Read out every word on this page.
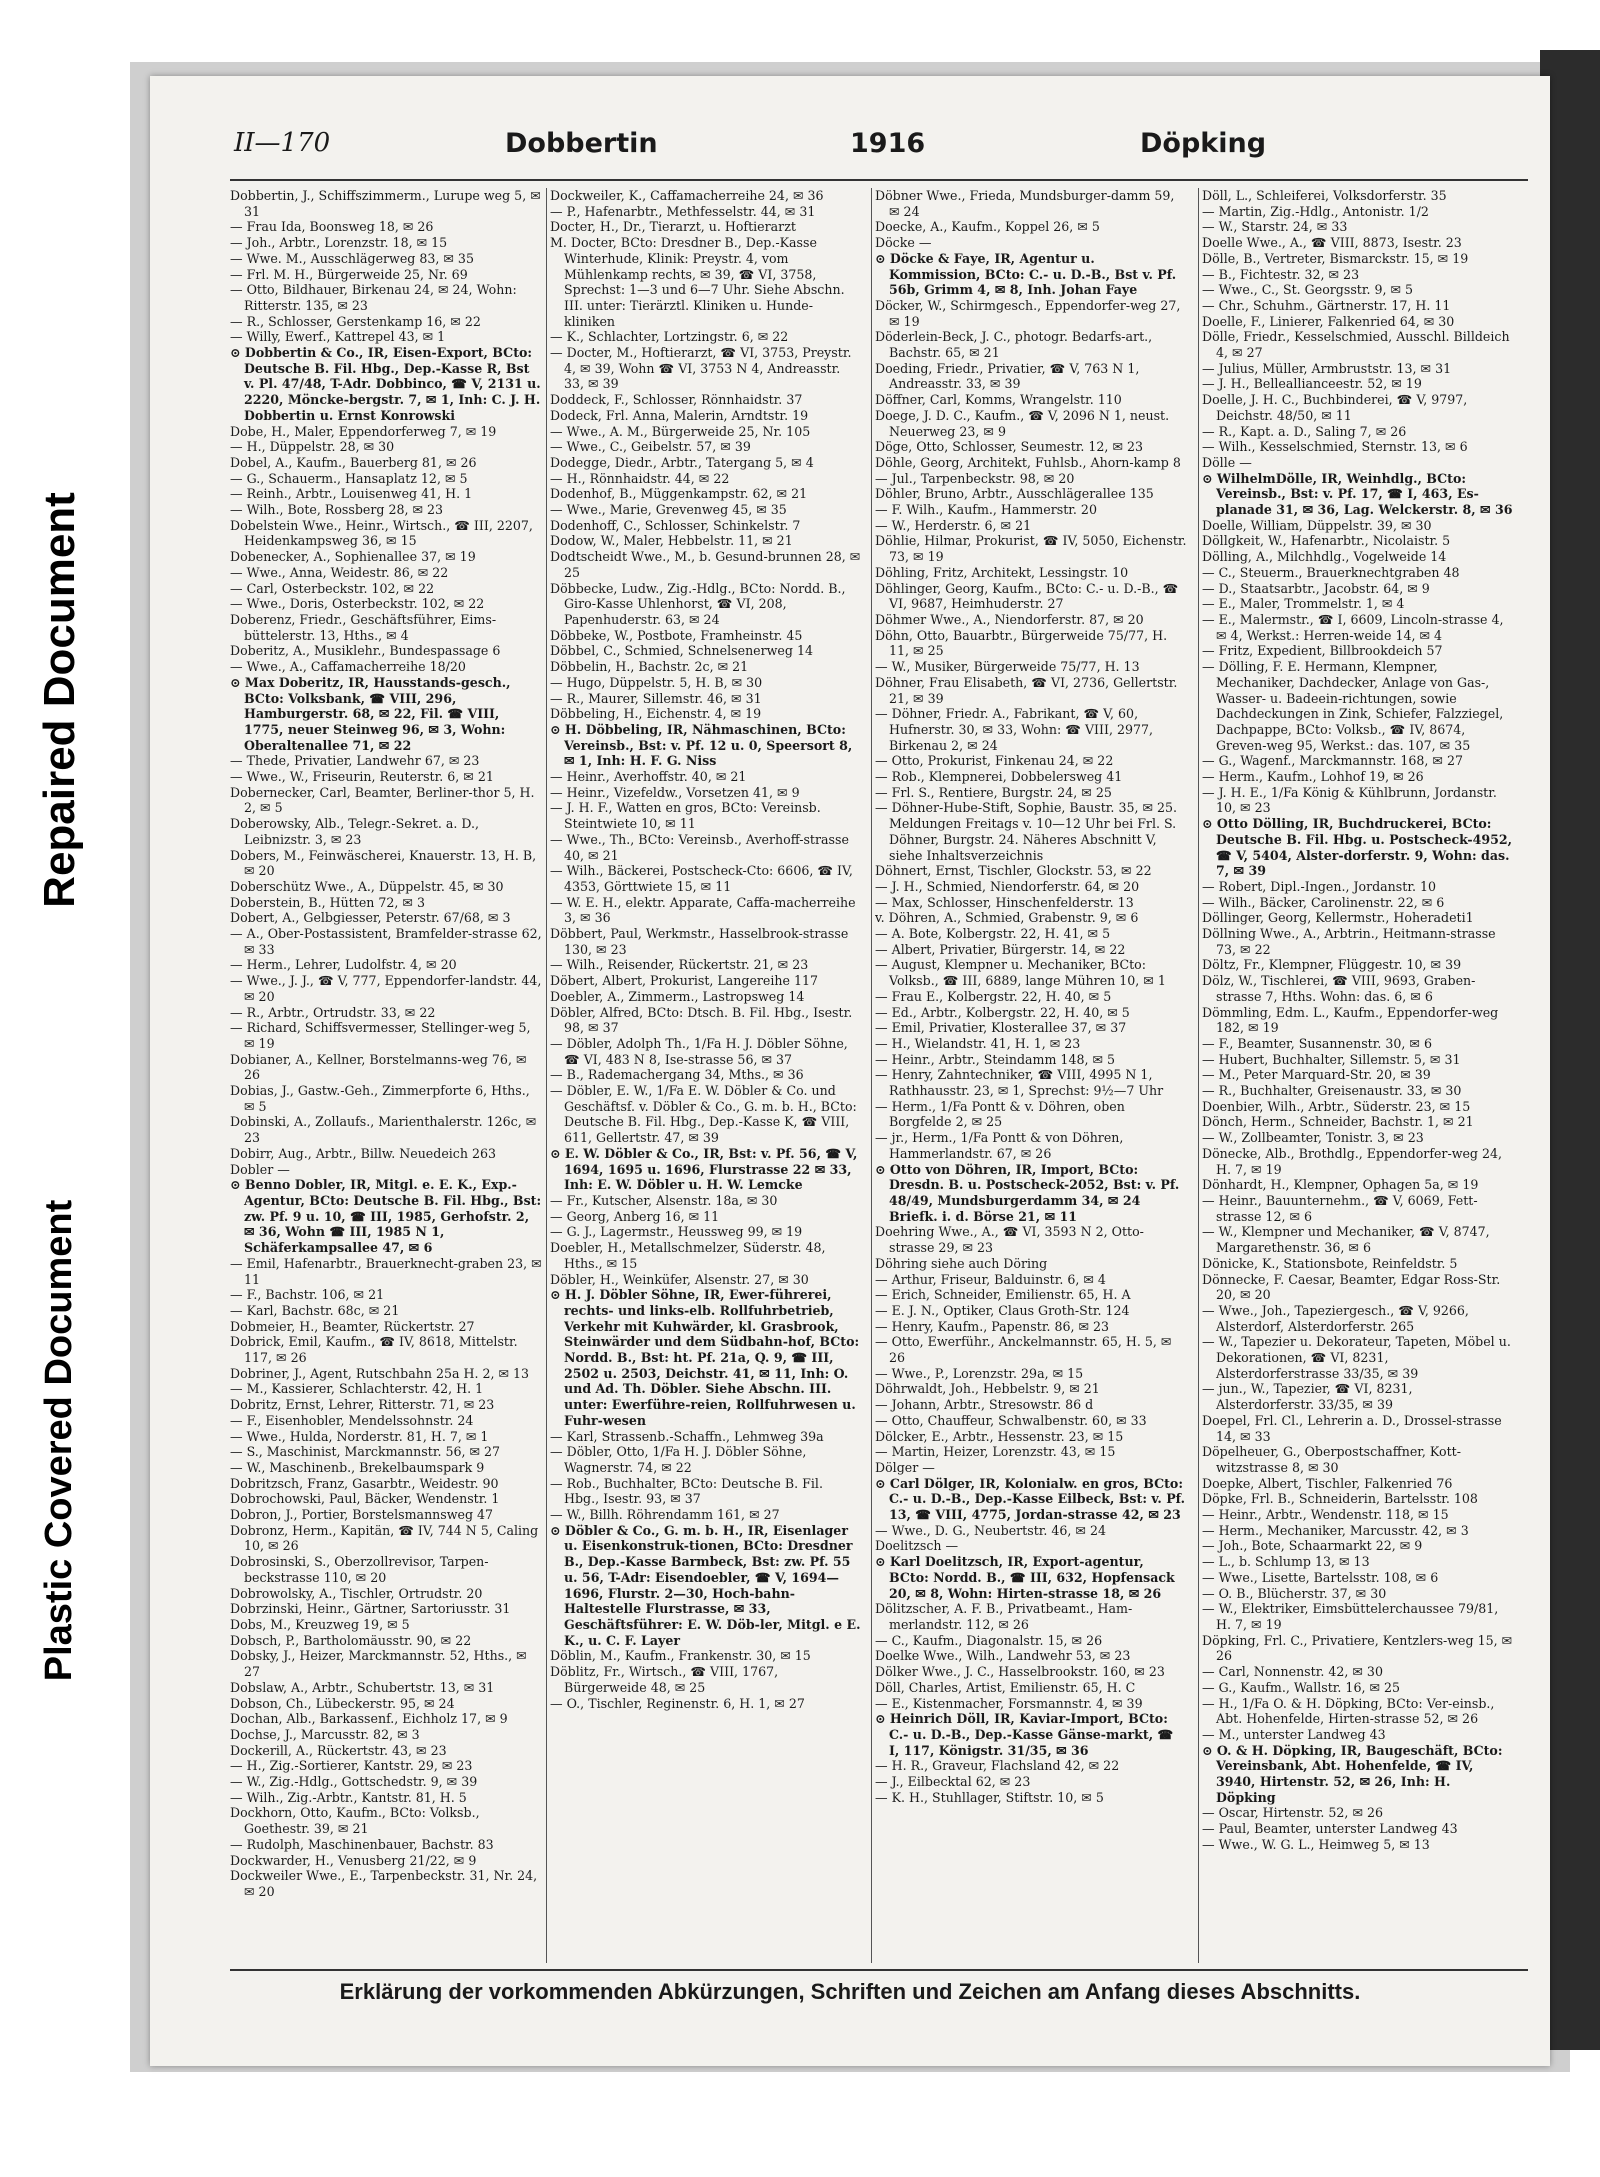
Repaired Document
Plastic Covered Document
II—170	Dobbertin	1916	Döpking

Dobbertin, J., Schiffszimmerm., Lurupe weg 5, ✉ 31

— Frau Ida, Boonsweg 18, ✉ 26

— Joh., Arbtr., Lorenzstr. 18, ✉ 15

— Wwe. M., Ausschlägerweg 83, ✉ 35

— Frl. M. H., Bürgerweide 25, Nr. 69

— Otto, Bildhauer, Birkenau 24, ✉ 24, Wohn: Ritterstr. 135, ✉ 23

— R., Schlosser, Gerstenkamp 16, ✉ 22

— Willy, Ewerf., Kattrepel 43, ✉ 1

⊙ Dobbertin & Co., IR, Eisen-Export, BCto: Deutsche B. Fil. Hbg., Dep.-Kasse R, Bst v. Pl. 47/48, T-Adr. Dobbinco, ☎ V, 2131 u. 2220, Möncke-bergstr. 7, ✉ 1, Inh: C. J. H. Dobbertin u. Ernst Konrowski

Dobe, H., Maler, Eppendorferweg 7, ✉ 19

— H., Düppelstr. 28, ✉ 30

Dobel, A., Kaufm., Bauerberg 81, ✉ 26

— G., Schauerm., Hansaplatz 12, ✉ 5

— Reinh., Arbtr., Louisenweg 41, H. 1

— Wilh., Bote, Rossberg 28, ✉ 23

Dobelstein Wwe., Heinr., Wirtsch., ☎ III, 2207, Heidenkampsweg 36, ✉ 15

Dobenecker, A., Sophienallee 37, ✉ 19

— Wwe., Anna, Weidestr. 86, ✉ 22

— Carl, Osterbeckstr. 102, ✉ 22

— Wwe., Doris, Osterbeckstr. 102, ✉ 22

Doberenz, Friedr., Geschäftsführer, Eims-büttelerstr. 13, Hths., ✉ 4

Doberitz, A., Musiklehr., Bundespassage 6

— Wwe., A., Caffamacherreihe 18/20

⊙ Max Doberitz, IR, Hausstands-gesch., BCto: Volksbank, ☎ VIII, 296, Hamburgerstr. 68, ✉ 22, Fil. ☎ VIII, 1775, neuer Steinweg 96, ✉ 3, Wohn: Oberaltenallee 71, ✉ 22

— Thede, Privatier, Landwehr 67, ✉ 23

— Wwe., W., Friseurin, Reuterstr. 6, ✉ 21

Dobernecker, Carl, Beamter, Berliner-thor 5, H. 2, ✉ 5

Doberowsky, Alb., Telegr.-Sekret. a. D., Leibnizstr. 3, ✉ 23

Dobers, M., Feinwäscherei, Knauerstr. 13, H. B, ✉ 20

Doberschütz Wwe., A., Düppelstr. 45, ✉ 30

Doberstein, B., Hütten 72, ✉ 3

Dobert, A., Gelbgiesser, Peterstr. 67/68, ✉ 3

— A., Ober-Postassistent, Bramfelder-strasse 62, ✉ 33

— Herm., Lehrer, Ludolfstr. 4, ✉ 20

— Wwe., J. J., ☎ V, 777, Eppendorfer-landstr. 44, ✉ 20

— R., Arbtr., Ortrudstr. 33, ✉ 22

— Richard, Schiffsvermesser, Stellinger-weg 5, ✉ 19

Dobianer, A., Kellner, Borstelmanns-weg 76, ✉ 26

Dobias, J., Gastw.-Geh., Zimmerpforte 6, Hths., ✉ 5

Dobinski, A., Zollaufs., Marienthalerstr. 126c, ✉ 23

Dobirr, Aug., Arbtr., Billw. Neuedeich 263

Dobler —

⊙ Benno Dobler, IR, Mitgl. e. E. K., Exp.-Agentur, BCto: Deutsche B. Fil. Hbg., Bst: zw. Pf. 9 u. 10, ☎ III, 1985, Gerhofstr. 2, ✉ 36, Wohn ☎ III, 1985 N 1, Schäferkampsallee 47, ✉ 6

— Emil, Hafenarbtr., Brauerknecht-graben 23, ✉ 11

— F., Bachstr. 106, ✉ 21

— Karl, Bachstr. 68c, ✉ 21

Dobmeier, H., Beamter, Rückertstr. 27

Dobrick, Emil, Kaufm., ☎ IV, 8618, Mittelstr. 117, ✉ 26

Dobriner, J., Agent, Rutschbahn 25a H. 2, ✉ 13

— M., Kassierer, Schlachterstr. 42, H. 1

Dobritz, Ernst, Lehrer, Ritterstr. 71, ✉ 23

— F., Eisenhobler, Mendelssohnstr. 24

— Wwe., Hulda, Norderstr. 81, H. 7, ✉ 1

— S., Maschinist, Marckmannstr. 56, ✉ 27

— W., Maschinenb., Brekelbaumspark 9

Dobritzsch, Franz, Gasarbtr., Weidestr. 90

Dobrochowski, Paul, Bäcker, Wendenstr. 1

Dobron, J., Portier, Borstelsmannsweg 47

Dobronz, Herm., Kapitän, ☎ IV, 744 N 5, Caling 10, ✉ 26

Dobrosinski, S., Oberzollrevisor, Tarpen-beckstrasse 110, ✉ 20

Dobrowolsky, A., Tischler, Ortrudstr. 20

Dobrzinski, Heinr., Gärtner, Sartoriusstr. 31

Dobs, M., Kreuzweg 19, ✉ 5

Dobsch, P., Bartholomäusstr. 90, ✉ 22

Dobsky, J., Heizer, Marckmannstr. 52, Hths., ✉ 27

Dobslaw, A., Arbtr., Schubertstr. 13, ✉ 31

Dobson, Ch., Lübeckerstr. 95, ✉ 24

Dochan, Alb., Barkassenf., Eichholz 17, ✉ 9

Dochse, J., Marcusstr. 82, ✉ 3

Dockerill, A., Rückertstr. 43, ✉ 23

— H., Zig.-Sortierer, Kantstr. 29, ✉ 23

— W., Zig.-Hdlg., Gottschedstr. 9, ✉ 39

— Wilh., Zig.-Arbtr., Kantstr. 81, H. 5

Dockhorn, Otto, Kaufm., BCto: Volksb., Goethestr. 39, ✉ 21

— Rudolph, Maschinenbauer, Bachstr. 83

Dockwarder, H., Venusberg 21/22, ✉ 9

Dockweiler Wwe., E., Tarpenbeckstr. 31, Nr. 24, ✉ 20

Dockweiler, K., Caffamacherreihe 24, ✉ 36

— P., Hafenarbtr., Methfesselstr. 44, ✉ 31

Docter, H., Dr., Tierarzt, u. Hoftierarzt

M. Docter, BCto: Dresdner B., Dep.-Kasse Winterhude, Klinik: Preystr. 4, vom Mühlenkamp rechts, ✉ 39, ☎ VI, 3758, Sprechst: 1—3 und 6—7 Uhr. Siehe Abschn. III. unter: Tierärztl. Kliniken u. Hunde-kliniken

— K., Schlachter, Lortzingstr. 6, ✉ 22

— Docter, M., Hoftierarzt, ☎ VI, 3753, Preystr. 4, ✉ 39, Wohn ☎ VI, 3753 N 4, Andreasstr. 33, ✉ 39

Doddeck, F., Schlosser, Rönnhaidstr. 37

Dodeck, Frl. Anna, Malerin, Arndtstr. 19

— Wwe., A. M., Bürgerweide 25, Nr. 105

— Wwe., C., Geibelstr. 57, ✉ 39

Dodegge, Diedr., Arbtr., Tatergang 5, ✉ 4

— H., Rönnhaidstr. 44, ✉ 22

Dodenhof, B., Müggenkampstr. 62, ✉ 21

— Wwe., Marie, Grevenweg 45, ✉ 35

Dodenhoff, C., Schlosser, Schinkelstr. 7

Dodow, W., Maler, Hebbelstr. 11, ✉ 21

Dodtscheidt Wwe., M., b. Gesund-brunnen 28, ✉ 25

Döbbecke, Ludw., Zig.-Hdlg., BCto: Nordd. B., Giro-Kasse Uhlenhorst, ☎ VI, 208, Papenhuderstr. 63, ✉ 24

Döbbeke, W., Postbote, Framheinstr. 45

Döbbel, C., Schmied, Schnelsenerweg 14

Döbbelin, H., Bachstr. 2c, ✉ 21

— Hugo, Düppelstr. 5, H. B, ✉ 30

— R., Maurer, Sillemstr. 46, ✉ 31

Döbbeling, H., Eichenstr. 4, ✉ 19

⊙ H. Döbbeling, IR, Nähmaschinen, BCto: Vereinsb., Bst: v. Pf. 12 u. 0, Speersort 8, ✉ 1, Inh: H. F. G. Niss

— Heinr., Averhoffstr. 40, ✉ 21

— Heinr., Vizefeldw., Vorsetzen 41, ✉ 9

— J. H. F., Watten en gros, BCto: Vereinsb. Steintwiete 10, ✉ 11

— Wwe., Th., BCto: Vereinsb., Averhoff-strasse 40, ✉ 21

— Wilh., Bäckerei, Postscheck-Cto: 6606, ☎ IV, 4353, Görttwiete 15, ✉ 11

— W. E. H., elektr. Apparate, Caffa-macherreihe 3, ✉ 36

Döbbert, Paul, Werkmstr., Hasselbrook-strasse 130, ✉ 23

— Wilh., Reisender, Rückertstr. 21, ✉ 23

Döbert, Albert, Prokurist, Langereihe 117

Doebler, A., Zimmerm., Lastropsweg 14

Döbler, Alfred, BCto: Dtsch. B. Fil. Hbg., Isestr. 98, ✉ 37

— Döbler, Adolph Th., 1/Fa H. J. Döbler Söhne, ☎ VI, 483 N 8, Ise-strasse 56, ✉ 37

— B., Rademachergang 34, Mths., ✉ 36

— Döbler, E. W., 1/Fa E. W. Döbler & Co. und Geschäftsf. v. Döbler & Co., G. m. b. H., BCto: Deutsche B. Fil. Hbg., Dep.-Kasse K, ☎ VIII, 611, Gellertstr. 47, ✉ 39

⊙ E. W. Döbler & Co., IR, Bst: v. Pf. 56, ☎ V, 1694, 1695 u. 1696, Flurstrasse 22 ✉ 33, Inh: E. W. Döbler u. H. W. Lemcke

— Fr., Kutscher, Alsenstr. 18a, ✉ 30

— Georg, Anberg 16, ✉ 11

— G. J., Lagermstr., Heussweg 99, ✉ 19

Doebler, H., Metallschmelzer, Süderstr. 48, Hths., ✉ 15

Döbler, H., Weinküfer, Alsenstr. 27, ✉ 30

⊙ H. J. Döbler Söhne, IR, Ewer-führerei, rechts- und links-elb. Rollfuhrbetrieb, Verkehr mit Kuhwärder, kl. Grasbrook, Steinwärder und dem Südbahn-hof, BCto: Nordd. B., Bst: ht. Pf. 21a, Q. 9, ☎ III, 2502 u. 2503, Deichstr. 41, ✉ 11, Inh: O. und Ad. Th. Döbler. Siehe Abschn. III. unter: Ewerführe-reien, Rollfuhrwesen u. Fuhr-wesen

— Karl, Strassenb.-Schaffn., Lehmweg 39a

— Döbler, Otto, 1/Fa H. J. Döbler Söhne, Wagnerstr. 74, ✉ 22

— Rob., Buchhalter, BCto: Deutsche B. Fil. Hbg., Isestr. 93, ✉ 37

— W., Billh. Röhrendamm 161, ✉ 27

⊙ Döbler & Co., G. m. b. H., IR, Eisenlager u. Eisenkonstruk-tionen, BCto: Dresdner B., Dep.-Kasse Barmbeck, Bst: zw. Pf. 55 u. 56, T-Adr: Eisendoebler, ☎ V, 1694—1696, Flurstr. 2—30, Hoch-bahn-Haltestelle Flurstrasse, ✉ 33, Geschäftsführer: E. W. Döb-ler, Mitgl. e E. K., u. C. F. Layer

Döblin, M., Kaufm., Frankenstr. 30, ✉ 15

Döblitz, Fr., Wirtsch., ☎ VIII, 1767, Bürgerweide 48, ✉ 25

— O., Tischler, Reginenstr. 6, H. 1, ✉ 27

Döbner Wwe., Frieda, Mundsburger-damm 59, ✉ 24

Doecke, A., Kaufm., Koppel 26, ✉ 5

Döcke —

⊙ Döcke & Faye, IR, Agentur u. Kommission, BCto: C.- u. D.-B., Bst v. Pf. 56b, Grimm 4, ✉ 8, Inh. Johan Faye

Döcker, W., Schirmgesch., Eppendorfer-weg 27, ✉ 19

Döderlein-Beck, J. C., photogr. Bedarfs-art., Bachstr. 65, ✉ 21

Doeding, Friedr., Privatier, ☎ V, 763 N 1, Andreasstr. 33, ✉ 39

Döffner, Carl, Komms, Wrangelstr. 110

Doege, J. D. C., Kaufm., ☎ V, 2096 N 1, neust. Neuerweg 23, ✉ 9

Döge, Otto, Schlosser, Seumestr. 12, ✉ 23

Döhle, Georg, Architekt, Fuhlsb., Ahorn-kamp 8

— Jul., Tarpenbeckstr. 98, ✉ 20

Döhler, Bruno, Arbtr., Ausschlägerallee 135

— F. Wilh., Kaufm., Hammerstr. 20

— W., Herderstr. 6, ✉ 21

Döhlie, Hilmar, Prokurist, ☎ IV, 5050, Eichenstr. 73, ✉ 19

Döhling, Fritz, Architekt, Lessingstr. 10

Döhlinger, Georg, Kaufm., BCto: C.- u. D.-B., ☎ VI, 9687, Heimhuderstr. 27

Döhmer Wwe., A., Niendorferstr. 87, ✉ 20

Döhn, Otto, Bauarbtr., Bürgerweide 75/77, H. 11, ✉ 25

— W., Musiker, Bürgerweide 75/77, H. 13

Döhner, Frau Elisabeth, ☎ VI, 2736, Gellertstr. 21, ✉ 39

— Döhner, Friedr. A., Fabrikant, ☎ V, 60, Hufnerstr. 30, ✉ 33, Wohn: ☎ VIII, 2977, Birkenau 2, ✉ 24

— Otto, Prokurist, Finkenau 24, ✉ 22

— Rob., Klempnerei, Dobbelersweg 41

— Frl. S., Rentiere, Burgstr. 24, ✉ 25

— Döhner-Hube-Stift, Sophie, Baustr. 35, ✉ 25. Meldungen Freitags v. 10—12 Uhr bei Frl. S. Döhner, Burgstr. 24. Näheres Abschnitt V, siehe Inhaltsverzeichnis

Döhnert, Ernst, Tischler, Glockstr. 53, ✉ 22

— J. H., Schmied, Niendorferstr. 64, ✉ 20

— Max, Schlosser, Hinschenfelderstr. 13

v. Döhren, A., Schmied, Grabenstr. 9, ✉ 6

— A. Bote, Kolbergstr. 22, H. 41, ✉ 5

— Albert, Privatier, Bürgerstr. 14, ✉ 22

— August, Klempner u. Mechaniker, BCto: Volksb., ☎ III, 6889, lange Mühren 10, ✉ 1

— Frau E., Kolbergstr. 22, H. 40, ✉ 5

— Ed., Arbtr., Kolbergstr. 22, H. 40, ✉ 5

— Emil, Privatier, Klosterallee 37, ✉ 37

— H., Wielandstr. 41, H. 1, ✉ 23

— Heinr., Arbtr., Steindamm 148, ✉ 5

— Henry, Zahntechniker, ☎ VIII, 4995 N 1, Rathhausstr. 23, ✉ 1, Sprechst: 9½—7 Uhr

— Herm., 1/Fa Pontt & v. Döhren, oben Borgfelde 2, ✉ 25

— jr., Herm., 1/Fa Pontt & von Döhren, Hammerlandstr. 67, ✉ 26

⊙ Otto von Döhren, IR, Import, BCto: Dresdn. B. u. Postscheck-2052, Bst: v. Pf. 48/49, Mundsburgerdamm 34, ✉ 24 Briefk. i. d. Börse 21, ✉ 11

Doehring Wwe., A., ☎ VI, 3593 N 2, Otto-strasse 29, ✉ 23

Döhring siehe auch Döring

— Arthur, Friseur, Balduinstr. 6, ✉ 4

— Erich, Schneider, Emilienstr. 65, H. A

— E. J. N., Optiker, Claus Groth-Str. 124

— Henry, Kaufm., Papenstr. 86, ✉ 23

— Otto, Ewerführ., Anckelmannstr. 65, H. 5, ✉ 26

— Wwe., P., Lorenzstr. 29a, ✉ 15

Döhrwaldt, Joh., Hebbelstr. 9, ✉ 21

— Johann, Arbtr., Stresowstr. 86 d

— Otto, Chauffeur, Schwalbenstr. 60, ✉ 33

Dölcker, E., Arbtr., Hessenstr. 23, ✉ 15

— Martin, Heizer, Lorenzstr. 43, ✉ 15

Dölger —

⊙ Carl Dölger, IR, Kolonialw. en gros, BCto: C.- u. D.-B., Dep.-Kasse Eilbeck, Bst: v. Pf. 13, ☎ VIII, 4775, Jordan-strasse 42, ✉ 23

— Wwe., D. G., Neubertstr. 46, ✉ 24

Doelitzsch —

⊙ Karl Doelitzsch, IR, Export-agentur, BCto: Nordd. B., ☎ III, 632, Hopfensack 20, ✉ 8, Wohn: Hirten-strasse 18, ✉ 26

Dölitzscher, A. F. B., Privatbeamt., Ham-merlandstr. 112, ✉ 26

— C., Kaufm., Diagonalstr. 15, ✉ 26

Doelke Wwe., Wilh., Landwehr 53, ✉ 23

Dölker Wwe., J. C., Hasselbrookstr. 160, ✉ 23

Döll, Charles, Artist, Emilienstr. 65, H. C

— E., Kistenmacher, Forsmannstr. 4, ✉ 39

⊙ Heinrich Döll, IR, Kaviar-Import, BCto: C.- u. D.-B., Dep.-Kasse Gänse-markt, ☎ I, 117, Königstr. 31/35, ✉ 36

— H. R., Graveur, Flachsland 42, ✉ 22

— J., Eilbecktal 62, ✉ 23

— K. H., Stuhllager, Stiftstr. 10, ✉ 5

Döll, L., Schleiferei, Volksdorferstr. 35

— Martin, Zig.-Hdlg., Antonistr. 1/2

— W., Starstr. 24, ✉ 33

Doelle Wwe., A., ☎ VIII, 8873, Isestr. 23

Dölle, B., Vertreter, Bismarckstr. 15, ✉ 19

— B., Fichtestr. 32, ✉ 23

— Wwe., C., St. Georgsstr. 9, ✉ 5

— Chr., Schuhm., Gärtnerstr. 17, H. 11

Doelle, F., Linierer, Falkenried 64, ✉ 30

Dölle, Friedr., Kesselschmied, Ausschl. Billdeich 4, ✉ 27

— Julius, Müller, Armbruststr. 13, ✉ 31

— J. H., Belleallianceestr. 52, ✉ 19

Doelle, J. H. C., Buchbinderei, ☎ V, 9797, Deichstr. 48/50, ✉ 11

— R., Kapt. a. D., Saling 7, ✉ 26

— Wilh., Kesselschmied, Sternstr. 13, ✉ 6

Dölle —

⊙ WilhelmDölle, IR, Weinhdlg., BCto: Vereinsb., Bst: v. Pf. 17, ☎ I, 463, Es-planade 31, ✉ 36, Lag. Welckerstr. 8, ✉ 36

Doelle, William, Düppelstr. 39, ✉ 30

Döllgkeit, W., Hafenarbtr., Nicolaistr. 5

Dölling, A., Milchhdlg., Vogelweide 14

— C., Steuerm., Brauerknechtgraben 48

— D., Staatsarbtr., Jacobstr. 64, ✉ 9

— E., Maler, Trommelstr. 1, ✉ 4

— E., Malermstr., ☎ I, 6609, Lincoln-strasse 4, ✉ 4, Werkst.: Herren-weide 14, ✉ 4

— Fritz, Expedient, Billbrookdeich 57

— Dölling, F. E. Hermann, Klempner, Mechaniker, Dachdecker, Anlage von Gas-, Wasser- u. Badeein-richtungen, sowie Dachdeckungen in Zink, Schiefer, Falzziegel, Dachpappe, BCto: Volksb., ☎ IV, 8674, Greven-weg 95, Werkst.: das. 107, ✉ 35

— G., Wagenf., Marckmannstr. 168, ✉ 27

— Herm., Kaufm., Lohhof 19, ✉ 26

— J. H. E., 1/Fa König & Kühlbrunn, Jordanstr. 10, ✉ 23

⊙ Otto Dölling, IR, Buchdruckerei, BCto: Deutsche B. Fil. Hbg. u. Postscheck-4952, ☎ V, 5404, Alster-dorferstr. 9, Wohn: das. 7, ✉ 39

— Robert, Dipl.-Ingen., Jordanstr. 10

— Wilh., Bäcker, Carolinenstr. 22, ✉ 6

Döllinger, Georg, Kellermstr., Hoheradeti1

Döllning Wwe., A., Arbtrin., Heitmann-strasse 73, ✉ 22

Döltz, Fr., Klempner, Flüggestr. 10, ✉ 39

Dölz, W., Tischlerei, ☎ VIII, 9693, Graben-strasse 7, Hths. Wohn: das. 6, ✉ 6

Dömmling, Edm. L., Kaufm., Eppendorfer-weg 182, ✉ 19

— F., Beamter, Susannenstr. 30, ✉ 6

— Hubert, Buchhalter, Sillemstr. 5, ✉ 31

— M., Peter Marquard-Str. 20, ✉ 39

— R., Buchhalter, Greisenaustr. 33, ✉ 30

Doenbier, Wilh., Arbtr., Süderstr. 23, ✉ 15

Dönch, Herm., Schneider, Bachstr. 1, ✉ 21

— W., Zollbeamter, Tonistr. 3, ✉ 23

Dönecke, Alb., Brothdlg., Eppendorfer-weg 24, H. 7, ✉ 19

Dönhardt, H., Klempner, Ophagen 5a, ✉ 19

— Heinr., Bauunternehm., ☎ V, 6069, Fett-strasse 12, ✉ 6

— W., Klempner und Mechaniker, ☎ V, 8747, Margarethenstr. 36, ✉ 6

Dönicke, K., Stationsbote, Reinfeldstr. 5

Dönnecke, F. Caesar, Beamter, Edgar Ross-Str. 20, ✉ 20

— Wwe., Joh., Tapeziergesch., ☎ V, 9266, Alsterdorf, Alsterdorferstr. 265

— W., Tapezier u. Dekorateur, Tapeten, Möbel u. Dekorationen, ☎ VI, 8231, Alsterdorferstrasse 33/35, ✉ 39

— jun., W., Tapezier, ☎ VI, 8231, Alsterdorferstr. 33/35, ✉ 39

Doepel, Frl. Cl., Lehrerin a. D., Drossel-strasse 14, ✉ 33

Döpelheuer, G., Oberpostschaffner, Kott-witzstrasse 8, ✉ 30

Doepke, Albert, Tischler, Falkenried 76

Döpke, Frl. B., Schneiderin, Bartelsstr. 108

— Heinr., Arbtr., Wendenstr. 118, ✉ 15

— Herm., Mechaniker, Marcusstr. 42, ✉ 3

— Joh., Bote, Schaarmarkt 22, ✉ 9

— L., b. Schlump 13, ✉ 13

— Wwe., Lisette, Bartelsstr. 108, ✉ 6

— O. B., Blücherstr. 37, ✉ 30

— W., Elektriker, Eimsbüttelerchaussee 79/81, H. 7, ✉ 19

Döpking, Frl. C., Privatiere, Kentzlers-weg 15, ✉ 26

— Carl, Nonnenstr. 42, ✉ 30

— G., Kaufm., Wallstr. 16, ✉ 25

— H., 1/Fa O. & H. Döpking, BCto: Ver-einsb., Abt. Hohenfelde, Hirten-strasse 52, ✉ 26

— M., unterster Landweg 43

⊙ O. & H. Döpking, IR, Baugeschäft, BCto: Vereinsbank, Abt. Hohenfelde, ☎ IV, 3940, Hirtenstr. 52, ✉ 26, Inh: H. Döpking

— Oscar, Hirtenstr. 52, ✉ 26

— Paul, Beamter, unterster Landweg 43

— Wwe., W. G. L., Heimweg 5, ✉ 13

Erklärung der vorkommenden Abkürzungen, Schriften und Zeichen am Anfang dieses Abschnitts.
